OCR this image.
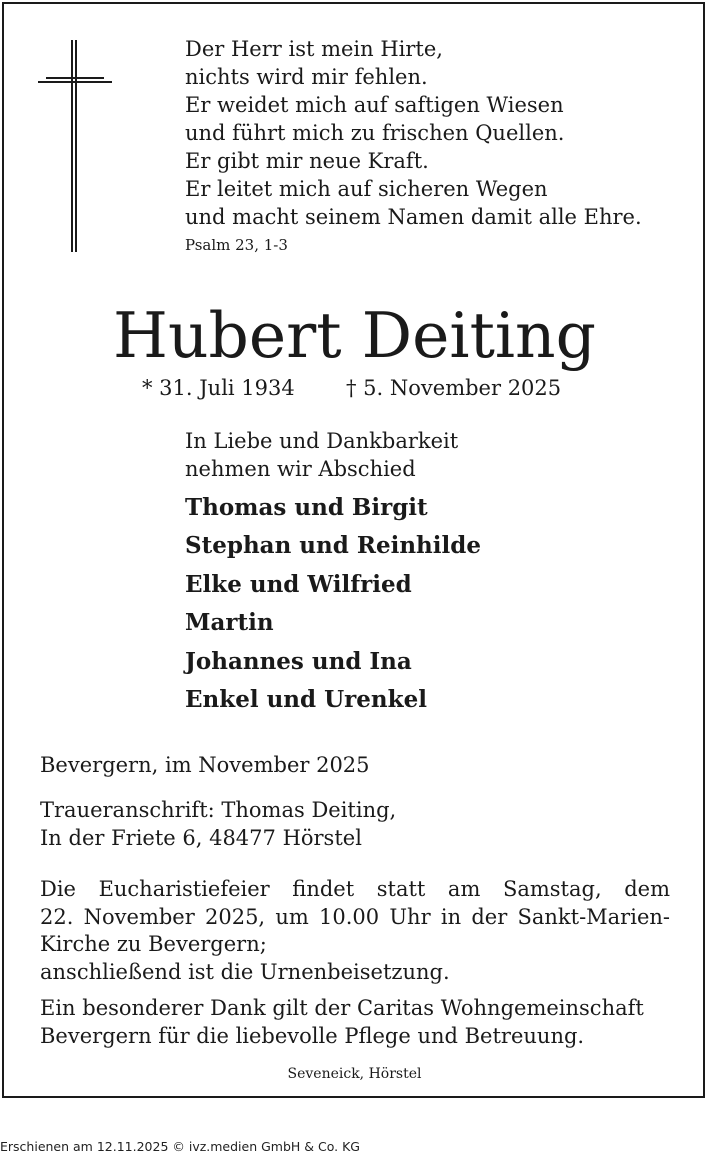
Der Herr ist mein Hirte,
nichts wird mir fehlen.
Er weidet mich auf saftigen Wiesen
und führt mich zu frischen Quellen.
Er gibt mir neue Kraft.
Er leitet mich auf sicheren Wegen
und macht seinem Namen damit alle Ehre.
Psalm 23, 1-3
Hubert Deiting
* 31. Juli 1934 † 5. November 2025
In Liebe und Dankbarkeit
nehmen wir Abschied
Thomas und Birgit
Stephan und Reinhilde
Elke und Wilfried
Martin
Johannes und Ina
Enkel und Urenkel
Bevergern, im November 2025
Traueranschrift: Thomas Deiting,
In der Friete 6, 48477 Hörstel
Die Eucharistiefeier findet statt am Samstag, dem
22. November 2025, um 10.00 Uhr in der Sankt-Marien-
Kirche zu Bevergern;
anschließend ist die Urnenbeisetzung.
Ein besonderer Dank gilt der Caritas Wohngemeinschaft
Bevergern für die liebevolle Pflege und Betreuung.
Seveneick, Hörstel
Erschienen am 12.11.2025 © ivz.medien GmbH & Co. KG
